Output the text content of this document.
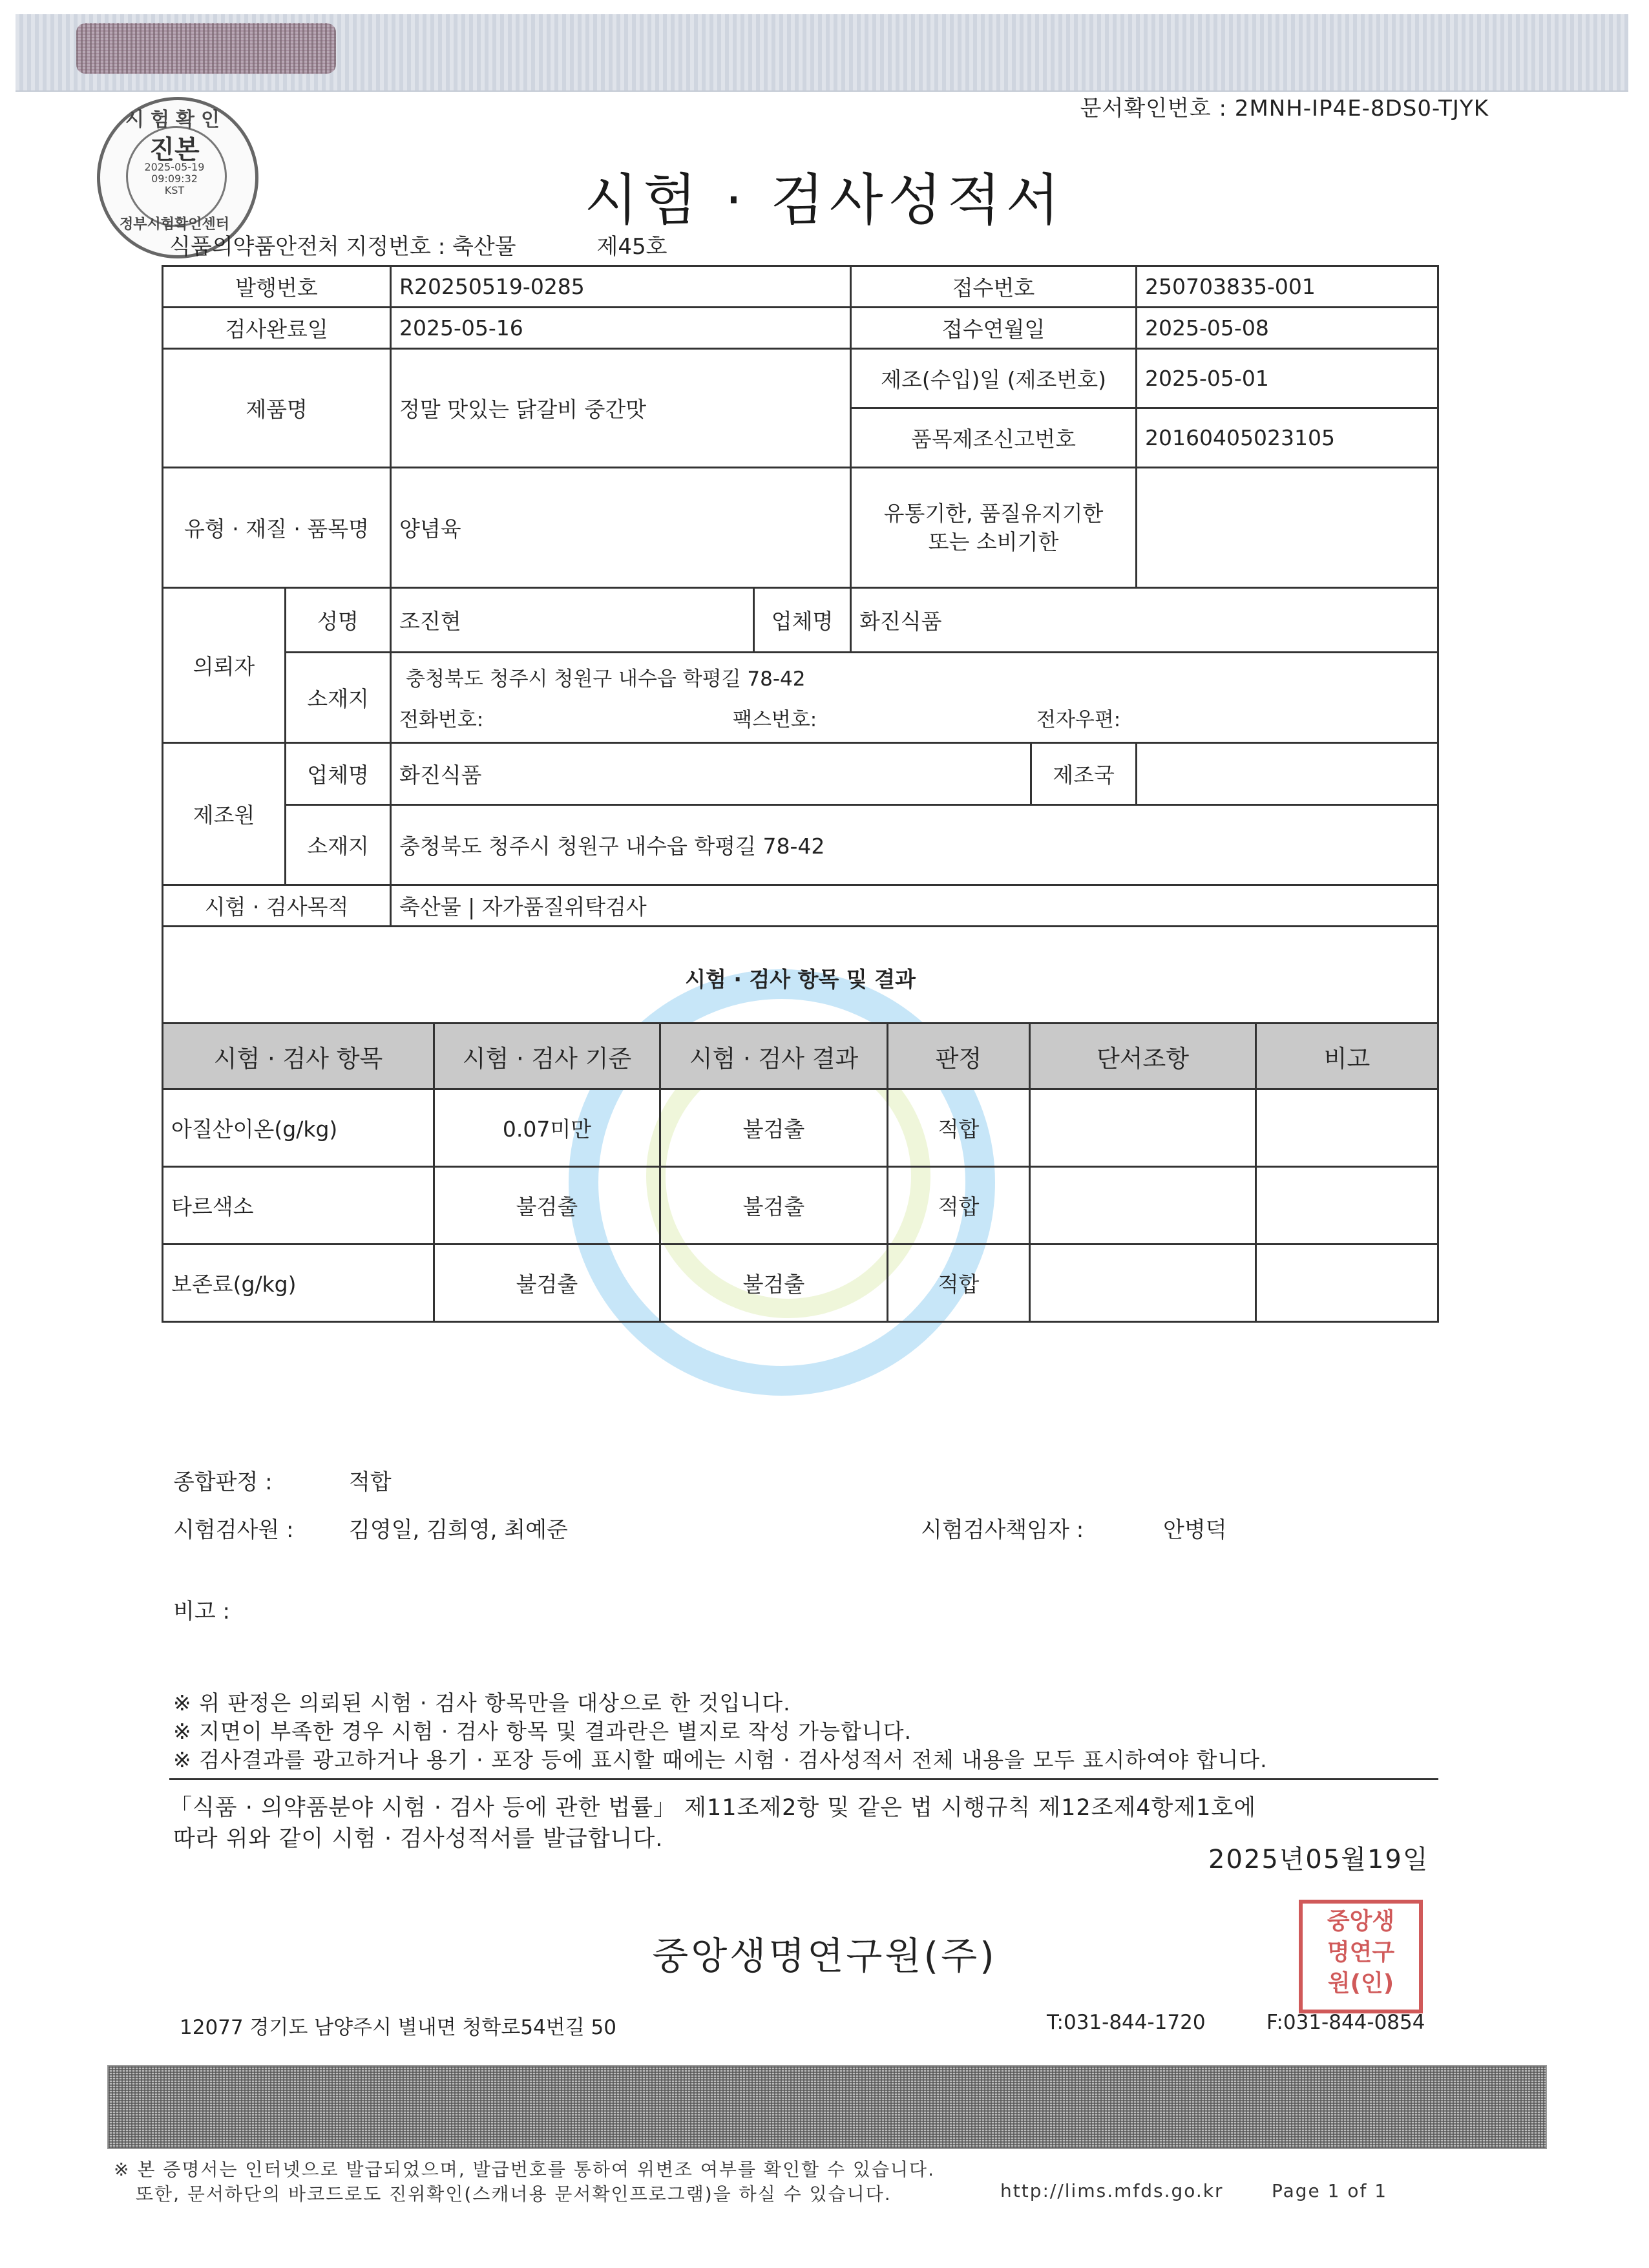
문서확인번호 : 2MNH-IP4E-8DS0-TJYK
시험확인
진본
2025-05-19
09:09:32
KST
정부시험확인센터	시험 · 검사성적서
식품의약품안전처 지정번호 : 축산물	제45호
발행번호		R20250519-0285		접수번호		250703835-001
검사완료일		2025-05-16		접수연월일		2025-05-08
제품명		정말 맛있는 닭갈비 중간맛		제조(수입)일 (제조번호)		2025-05-01
				품목제조신고번호		20160405023105
유형 · 재질 · 품목명		양념육		유통기한, 품질유지기한
또는 소비기한		

의뢰자	성명	조진현	업체명	화진식품		
	소재지	충청북도 청주시 청원구 내수읍 학평길 78-42
전화번호: 팩스번호: 전자우편:				

제조원	업체명	화진식품			제조국	
	소재지	충청북도 청주시 청원구 내수읍 학평길 78-42				
시험 · 검사목적		축산물 | 자가품질위탁검사				
시험 · 검사 항목 및 결과						
시험 · 검사 항목	시험 · 검사 기준	시험 · 검사 결과	판정	단서조항	비고
아질산이온(g/kg)	0.07미만	불검출	적합		
타르색소	불검출	불검출	적합		
보존료(g/kg)	불검출	불검출	적합		
종합판정 :	적합
시험검사원 :	김영일, 김희영, 최예준	시험검사책임자 :	안병덕
비고 :
※ 위 판정은 의뢰된 시험 · 검사 항목만을 대상으로 한 것입니다.
※ 지면이 부족한 경우 시험 · 검사 항목 및 결과란은 별지로 작성 가능합니다.
※ 검사결과를 광고하거나 용기 · 포장 등에 표시할 때에는 시험 · 검사성적서 전체 내용을 모두 표시하여야 합니다.
「식품 · 의약품분야 시험 · 검사 등에 관한 법률」 제11조제2항 및 같은 법 시행규칙 제12조제4항제1호에
따라 위와 같이 시험 · 검사성적서를 발급합니다.
2025년05월19일
중앙생명연구원(주)
중앙생
명연구
원(인)
12077 경기도 남양주시 별내면 청학로54번길 50	T:031-844-1720	F:031-844-0854
※ 본 증명서는 인터넷으로 발급되었으며, 발급번호를 통하여 위변조 여부를 확인할 수 있습니다.
또한, 문서하단의 바코드로도 진위확인(스캐너용 문서확인프로그램)을 하실 수 있습니다.	http://lims.mfds.go.kr	Page 1 of 1
